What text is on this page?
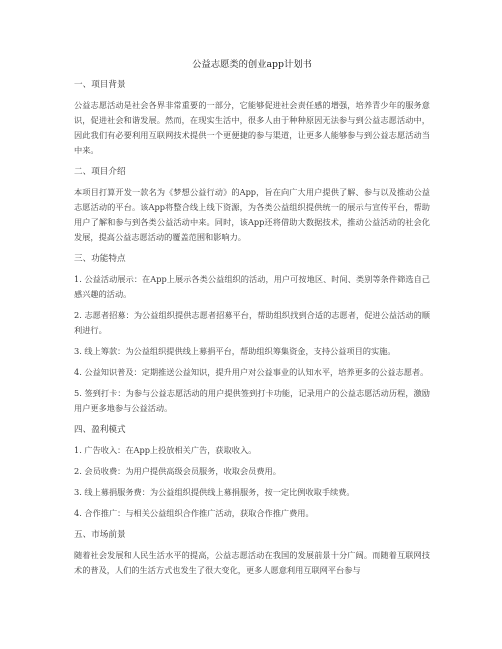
公益志愿类的创业app计划书
一、项目背景

公益志愿活动是社会各界非常重要的一部分，它能够促进社会责任感的增强，培养青少年的服务意识，促进社会和谐发展。然而，在现实生活中，很多人由于种种原因无法参与到公益志愿活动中，因此我们有必要利用互联网技术提供一个更便捷的参与渠道，让更多人能够参与到公益志愿活动当中来。

二、项目介绍

本项目打算开发一款名为《梦想公益行动》的App，旨在向广大用户提供了解、参与以及推动公益志愿活动的平台。该App将整合线上线下资源，为各类公益组织提供统一的展示与宣传平台，帮助用户了解和参与到各类公益活动中来。同时，该App还将借助大数据技术，推动公益活动的社会化发展，提高公益志愿活动的覆盖范围和影响力。

三、功能特点

1. 公益活动展示：在App上展示各类公益组织的活动，用户可按地区、时间、类别等条件筛选自己感兴趣的活动。

2. 志愿者招募：为公益组织提供志愿者招募平台，帮助组织找到合适的志愿者，促进公益活动的顺利进行。

3. 线上筹款：为公益组织提供线上募捐平台，帮助组织筹集资金，支持公益项目的实施。

4. 公益知识普及：定期推送公益知识，提升用户对公益事业的认知水平，培养更多的公益志愿者。

5. 签到打卡：为参与公益志愿活动的用户提供签到打卡功能，记录用户的公益志愿活动历程，激励用户更多地参与公益活动。

四、盈利模式

1. 广告收入：在App上投放相关广告，获取收入。

2. 会员收费：为用户提供高级会员服务，收取会员费用。

3. 线上募捐服务费：为公益组织提供线上募捐服务，按一定比例收取手续费。

4. 合作推广：与相关公益组织合作推广活动，获取合作推广费用。

五、市场前景

随着社会发展和人民生活水平的提高，公益志愿活动在我国的发展前景十分广阔。而随着互联网技术的普及，人们的生活方式也发生了很大变化，更多人愿意利用互联网平台参与
